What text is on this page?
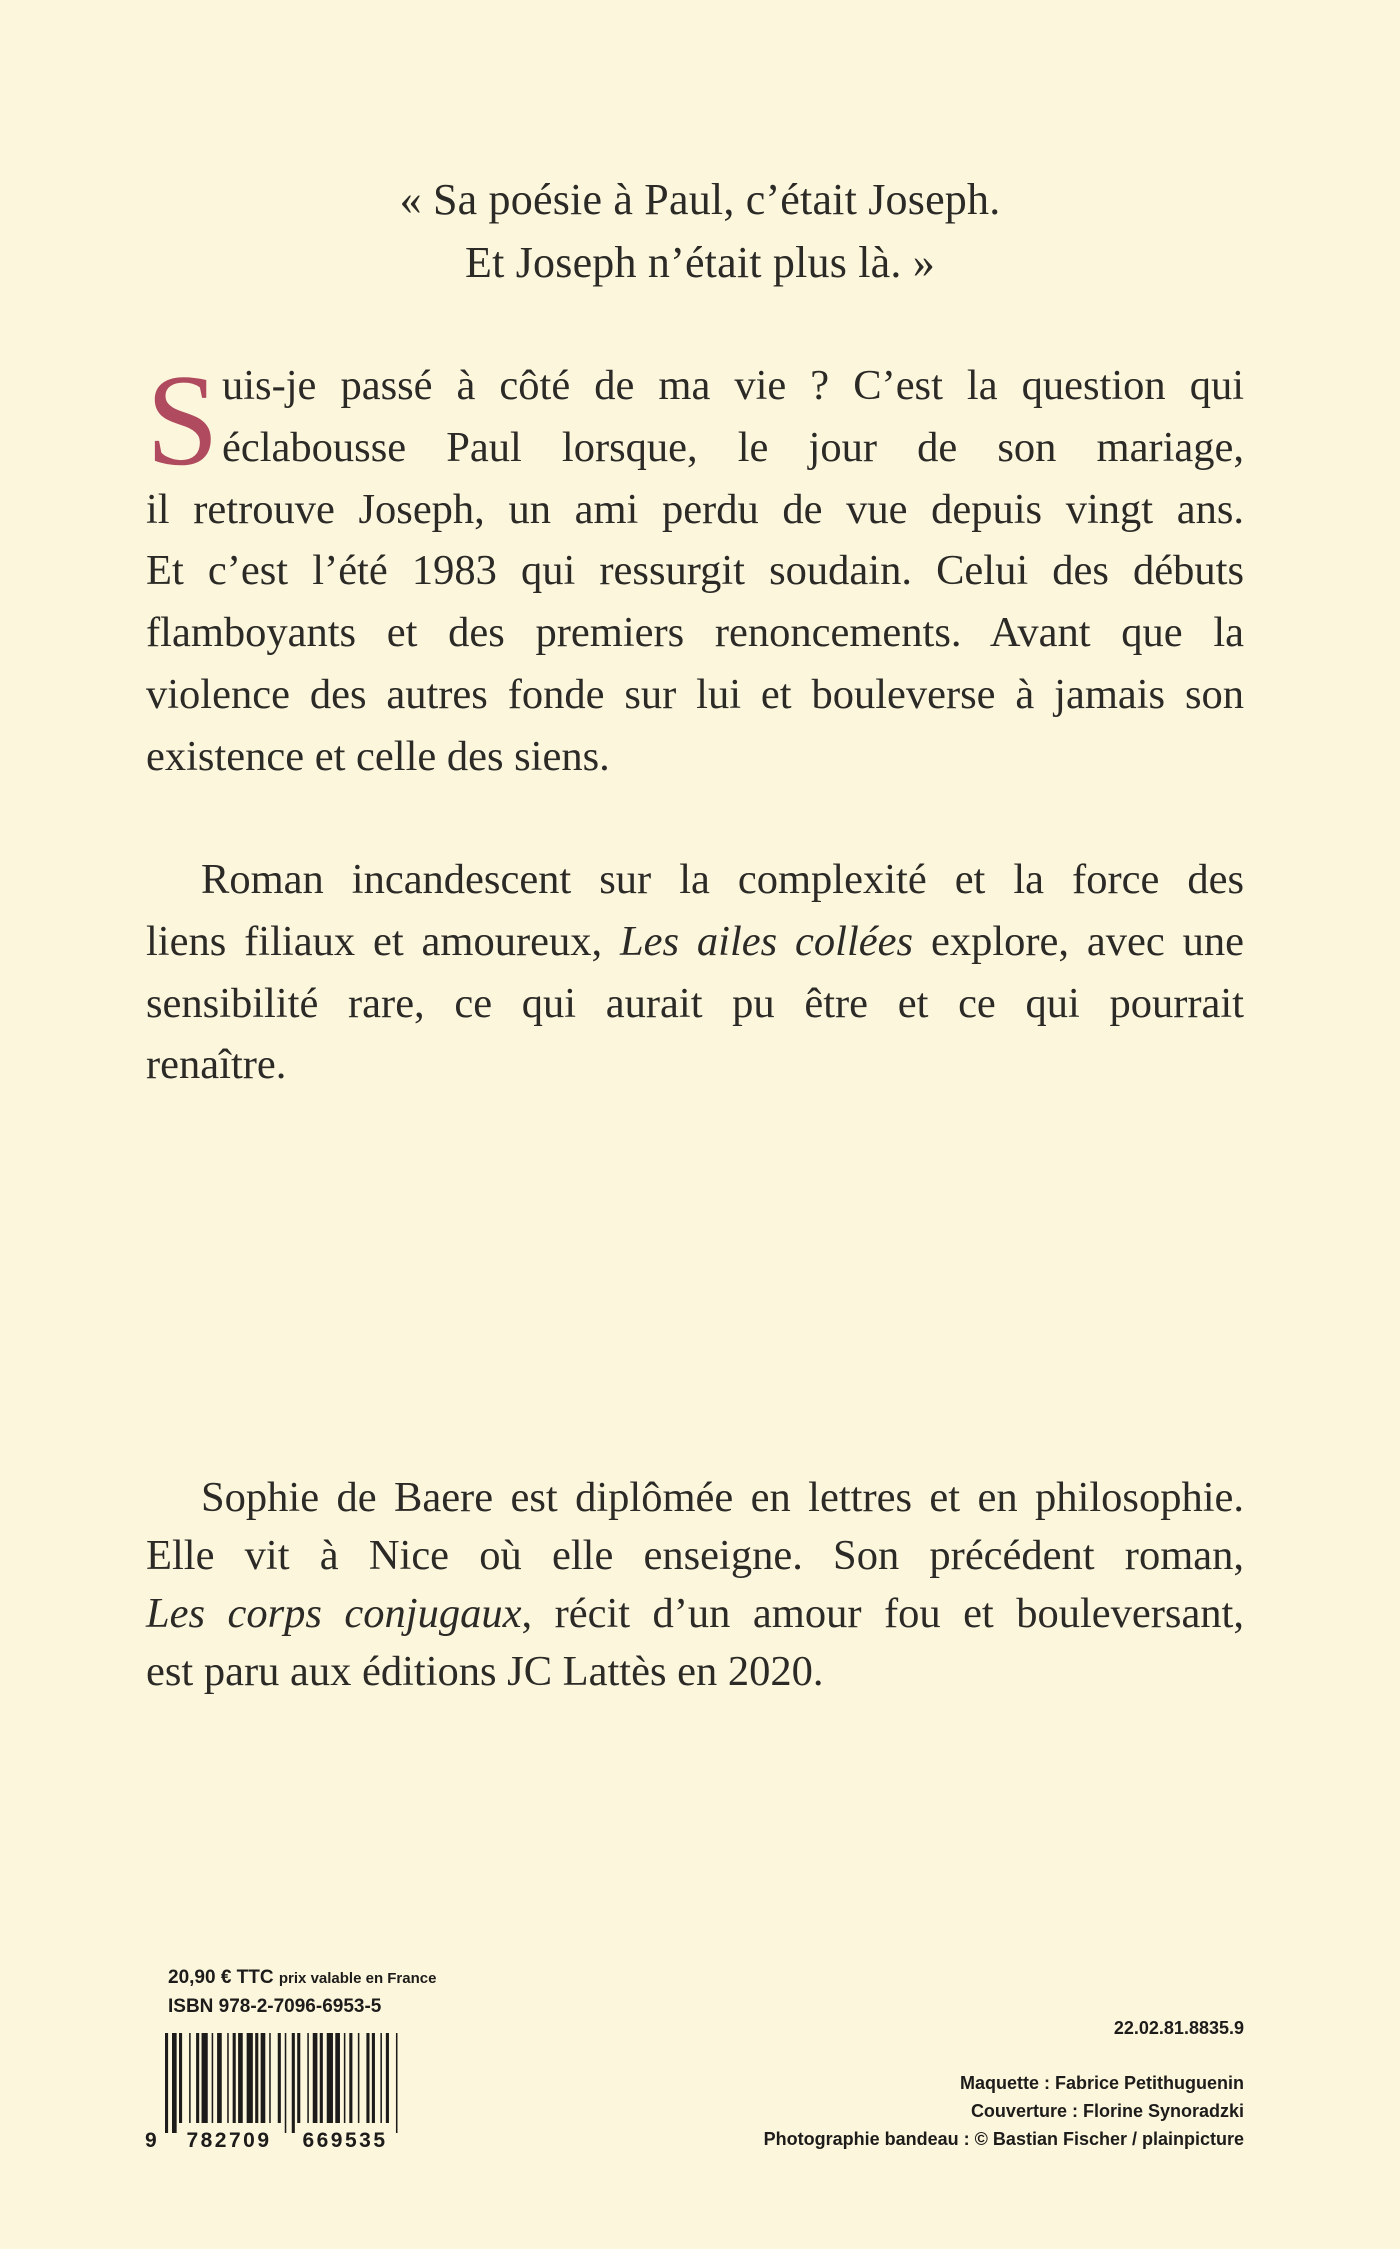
« Sa poésie à Paul, c’était Joseph.
Et Joseph n’était plus là. »
S uis-je passé à côté de ma vie ? C’est la question qui
éclabousse Paul lorsque, le jour de son mariage,
il retrouve Joseph, un ami perdu de vue depuis vingt ans.
Et c’est l’été 1983 qui ressurgit soudain. Celui des débuts
flamboyants et des premiers renoncements. Avant que la
violence des autres fonde sur lui et bouleverse à jamais son
existence et celle des siens.
Roman incandescent sur la complexité et la force des
liens filiaux et amoureux, Les ailes collées explore, avec une
sensibilité rare, ce qui aurait pu être et ce qui pourrait
renaître.
Sophie de Baere est diplômée en lettres et en philosophie.
Elle vit à Nice où elle enseigne. Son précédent roman,
Les corps conjugaux, récit d’un amour fou et bouleversant,
est paru aux éditions JC Lattès en 2020.
20,90 € TTC prix valable en France
ISBN 978-2-7096-6953-5
9 782709 669535
22.02.81.8835.9
Maquette : Fabrice Petithuguenin
Couverture : Florine Synoradzki
Photographie bandeau : © Bastian Fischer / plainpicture
